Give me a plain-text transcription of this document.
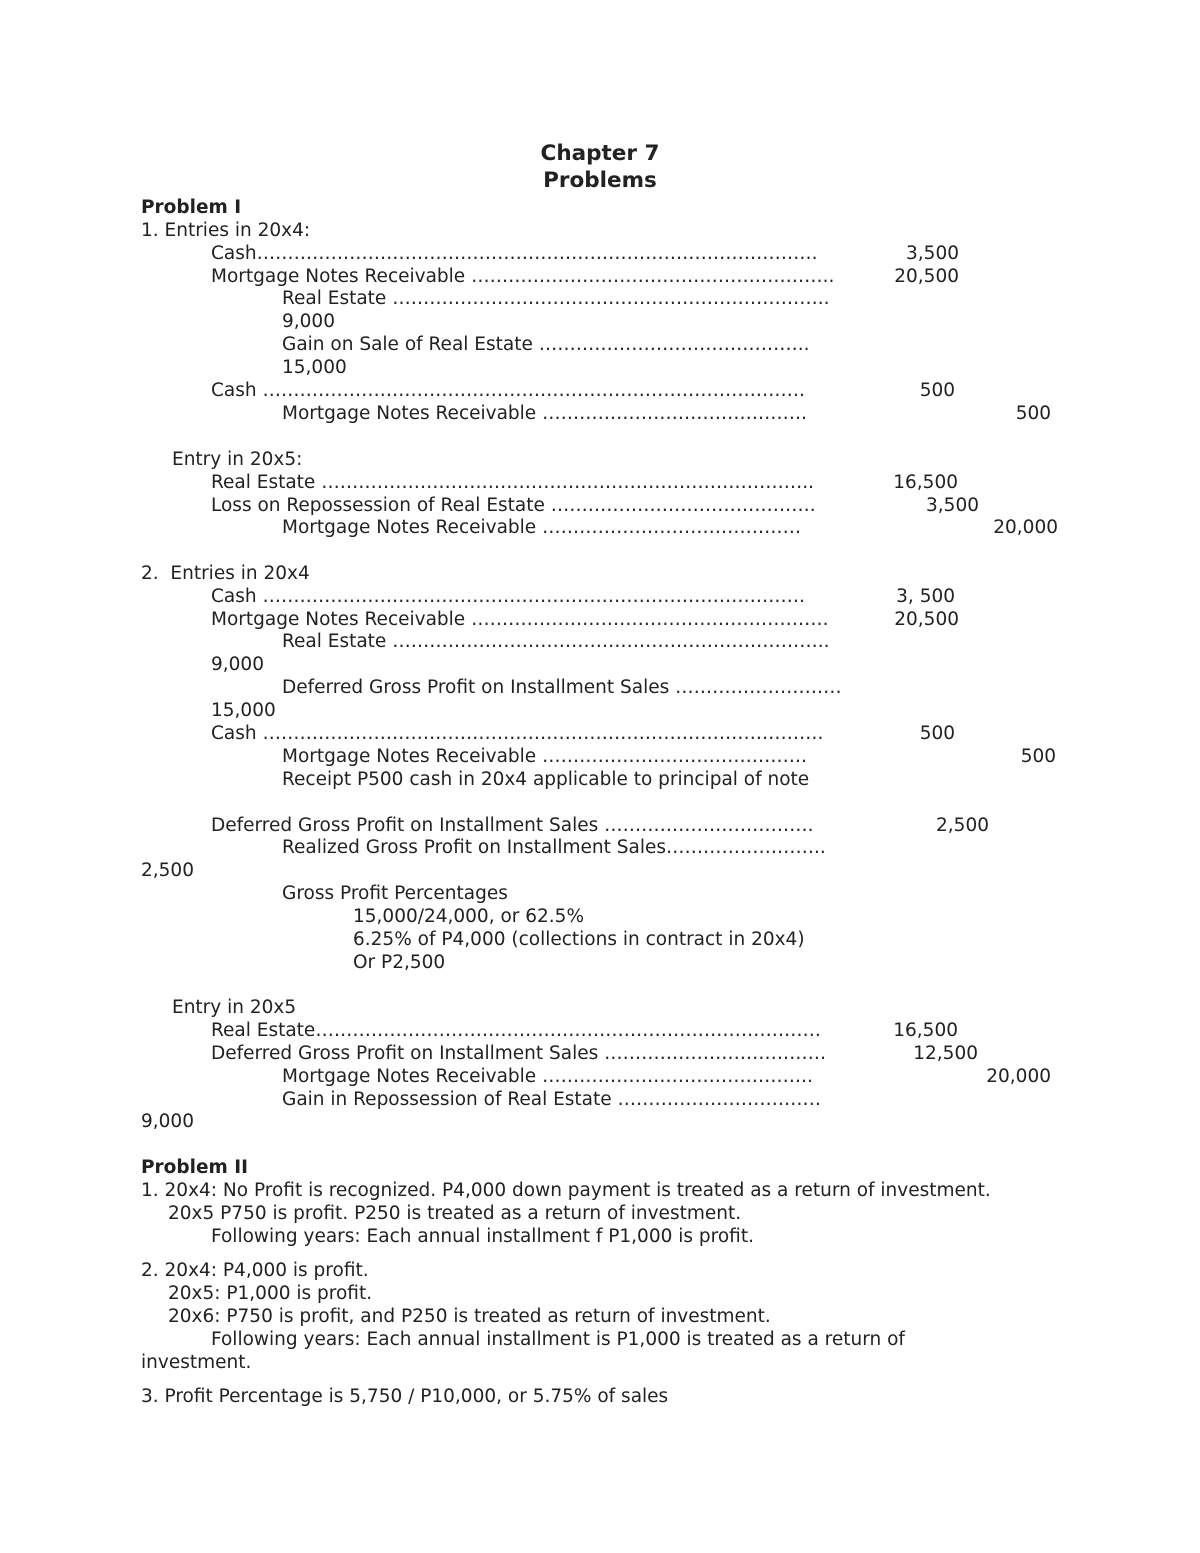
Chapter 7
Problems
Problem I
1. Entries in 20x4:
Cash……………………………………………………………………………….	3,500
Mortgage Notes Receivable …………………………………………………..	20,500
Real Estate ……………………………………………………………..
9,000
Gain on Sale of Real Estate ……………………………………..
15,000
Cash …………………………………………………………………………….	500
Mortgage Notes Receivable …………………………………….	500
Entry in 20x5:
Real Estate ……………………………………………………………………..	16,500
Loss on Repossession of Real Estate …………………………………….	3,500
Mortgage Notes Receivable ……………………………………	20,000
2.  Entries in 20x4
Cash …………………………………………………………………………….	3, 500
Mortgage Notes Receivable ………………………………………………….	20,500
Real Estate ……………………………………………………………..
9,000
Deferred Gross Profit on Installment Sales ………………………
15,000
Cash ……………………………………………………………………………….	500
Mortgage Notes Receivable …………………………………….	500
Receipt P500 cash in 20x4 applicable to principal of note
Deferred Gross Profit on Installment Sales …………………………….	2,500
Realized Gross Profit on Installment Sales……………………..
2,500
Gross Profit Percentages
15,000/24,000, or 62.5%
6.25% of P4,000 (collections in contract in 20x4)
Or P2,500
Entry in 20x5
Real Estate……………………………………………………………………….	16,500
Deferred Gross Profit on Installment Sales ………………………………	12,500
Mortgage Notes Receivable ……………………………………..	20,000
Gain in Repossession of Real Estate ……………………………
9,000
Problem II
1. 20x4: No Profit is recognized. P4,000 down payment is treated as a return of investment.
20x5 P750 is profit. P250 is treated as a return of investment.
Following years: Each annual installment f P1,000 is profit.
2. 20x4: P4,000 is profit.
20x5: P1,000 is profit.
20x6: P750 is profit, and P250 is treated as return of investment.
Following years: Each annual installment is P1,000 is treated as a return of
investment.
3. Profit Percentage is 5,750 / P10,000, or 5.75% of sales
